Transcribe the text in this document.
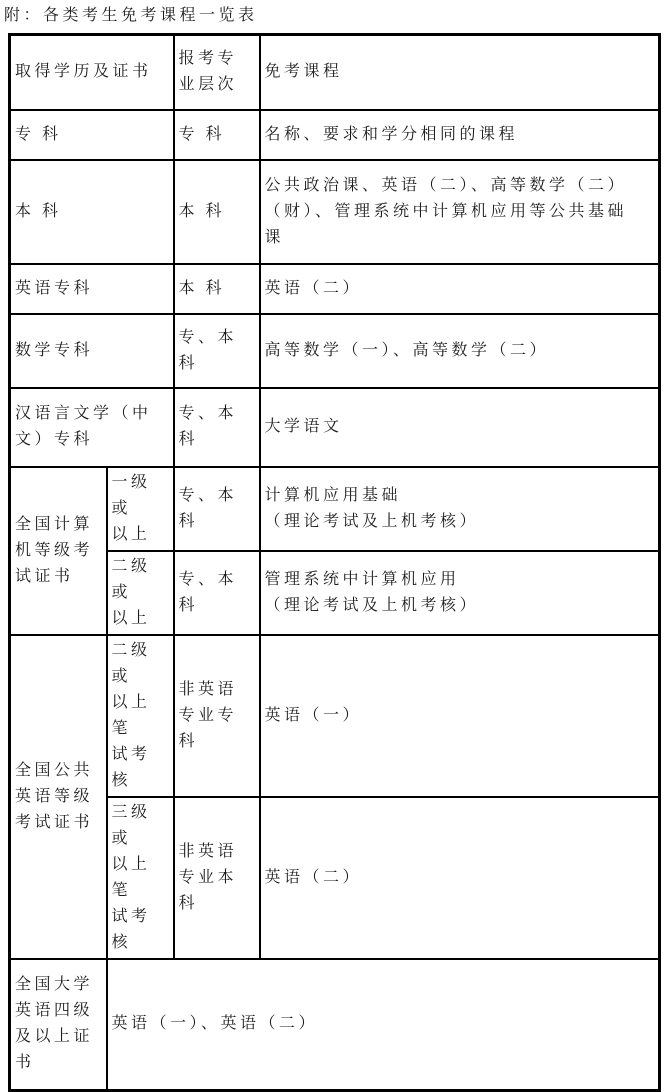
附：各类考生免考课程一览表
取得学历及证书		报考专
业层次	免考课程
专 科		专 科	名称、要求和学分相同的课程
本 科		本 科	公共政治课、英语（二）、高等数学（二）
（财）、管理系统中计算机应用等公共基础
课
英语专科		本 科	英语（二）
数学专科		专、本
科	高等数学（一）、高等数学（二）
汉语言文学（中
文）专科		专、本
科	大学语文
全国计算
机等级考
试证书	一级或
以上	专、本
科	计算机应用基础
（理论考试及上机考核）
	二级或
以上	专、本
科	管理系统中计算机应用
（理论考试及上机考核）
全国公共
英语等级
考试证书	二级或
以上笔
试考核	非英语
专业专
科	英语（一）
	三级或
以上笔
试考核	非英语
专业本
科	英语（二）
全国大学
英语四级
及以上证
书	英语（一）、英语（二）		
